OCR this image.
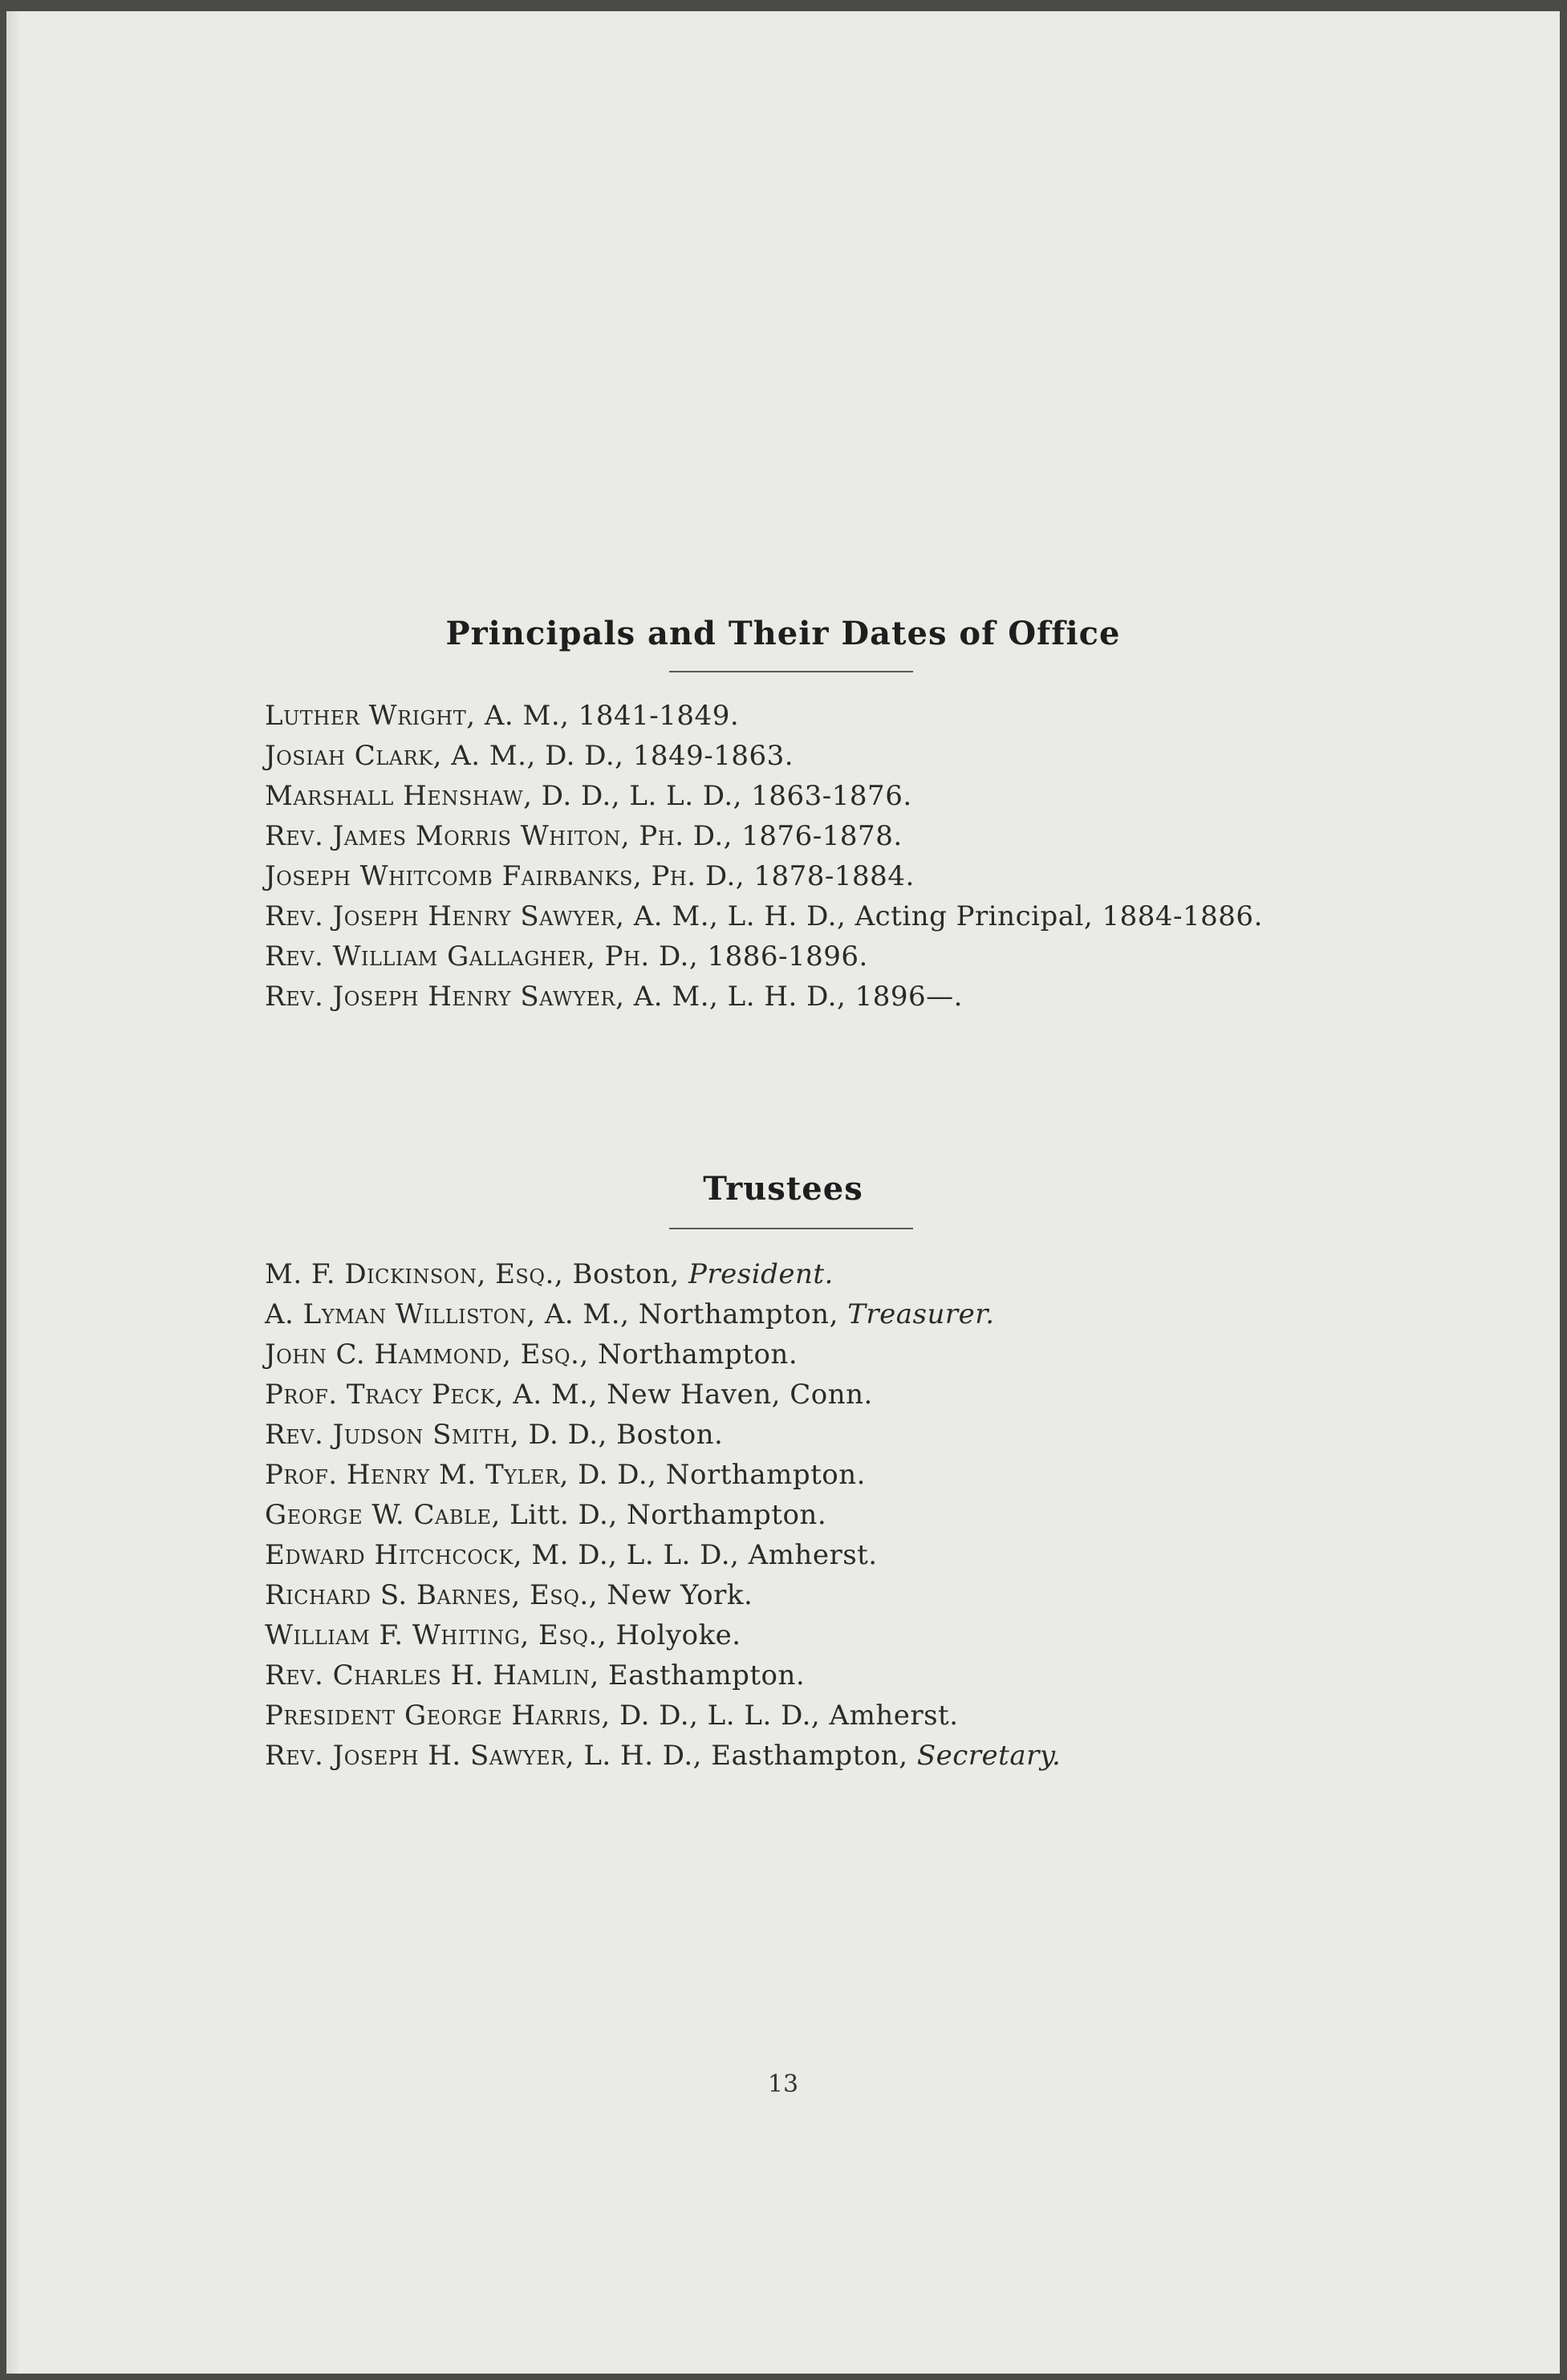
Principals and Their Dates of Office
Luther Wright, A. M., 1841-1849.
Josiah Clark, A. M., D. D., 1849-1863.
Marshall Henshaw, D. D., L. L. D., 1863-1876.
Rev. James Morris Whiton, Ph. D., 1876-1878.
Joseph Whitcomb Fairbanks, Ph. D., 1878-1884.
Rev. Joseph Henry Sawyer, A. M., L. H. D., Acting Principal, 1884-1886.
Rev. William Gallagher, Ph. D., 1886-1896.
Rev. Joseph Henry Sawyer, A. M., L. H. D., 1896—.
Trustees
M. F. Dickinson, Esq., Boston, President.
A. Lyman Williston, A. M., Northampton, Treasurer.
John C. Hammond, Esq., Northampton.
Prof. Tracy Peck, A. M., New Haven, Conn.
Rev. Judson Smith, D. D., Boston.
Prof. Henry M. Tyler, D. D., Northampton.
George W. Cable, Litt. D., Northampton.
Edward Hitchcock, M. D., L. L. D., Amherst.
Richard S. Barnes, Esq., New York.
William F. Whiting, Esq., Holyoke.
Rev. Charles H. Hamlin, Easthampton.
President George Harris, D. D., L. L. D., Amherst.
Rev. Joseph H. Sawyer, L. H. D., Easthampton, Secretary.
13
